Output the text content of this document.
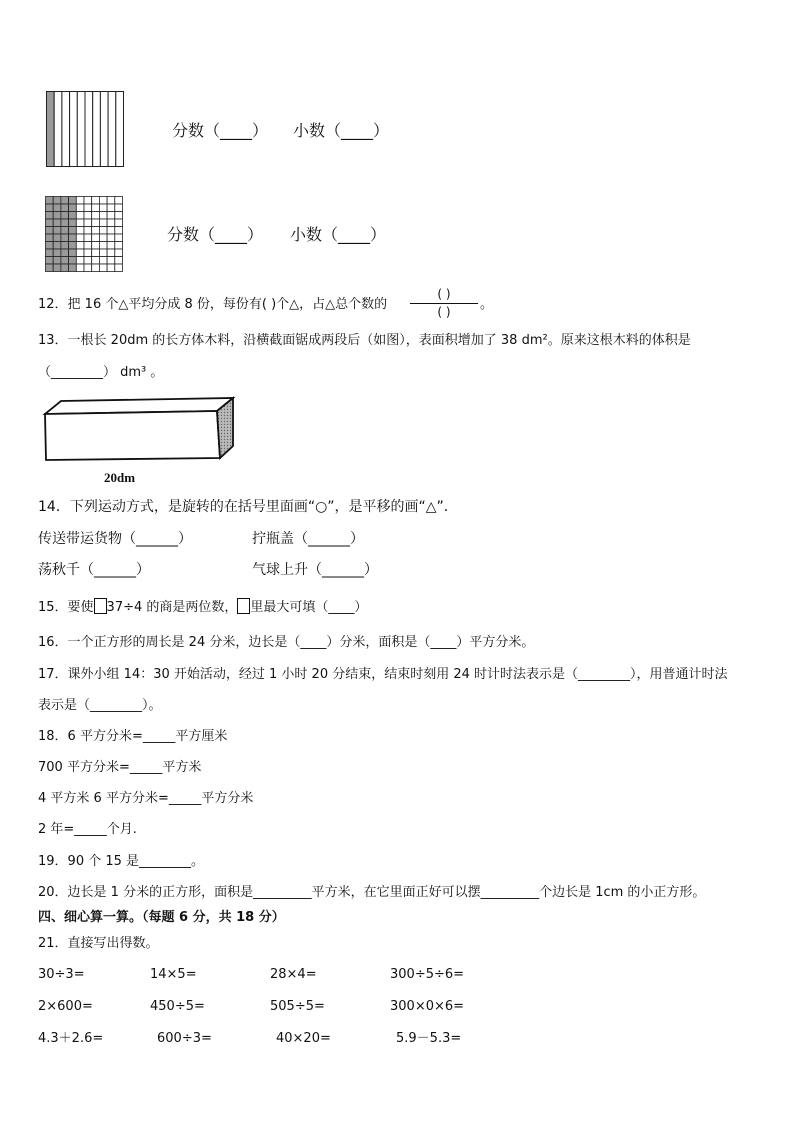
分数（____） 小数（____）
分数（____） 小数（____）
12．把 16 个△平均分成 8 份，每份有( )个△，占△总个数的
( )
( )	。
13．一根长 20dm 的长方体木料，沿横截面锯成两段后（如图），表面积增加了 38 dm²。原来这根木料的体积是
（________） dm³ 。
20dm
14．下列运动方式，是旋转的在括号里面画“○”，是平移的画“△”．
传送带运货物（______）	拧瓶盖（______）
荡秋千（______）	气球上升（______）
15．要使 37÷4 的商是两位数， 里最大可填（____）
16．一个正方形的周长是 24 分米，边长是（____）分米，面积是（____）平方分米。
17．课外小组 14：30 开始活动，经过 1 小时 20 分结束，结束时刻用 24 时计时法表示是（________），用普通计时法
表示是（________）。
18．6 平方分米=_____平方厘米
700 平方分米=_____平方米
4 平方米 6 平方分米=_____平方分米
2 年=_____个月.
19．90 个 15 是________。
20．边长是 1 分米的正方形，面积是_________平方米，在它里面正好可以摆_________个边长是 1cm 的小正方形。
四、细心算一算。（每题 6 分，共 18 分）
21．直接写出得数。
30÷3=	14×5=	28×4=	300÷5÷6=
2×600=	450÷5=	505÷5=	300×0×6=
4.3＋2.6=	600÷3=	40×20=	5.9－5.3=
